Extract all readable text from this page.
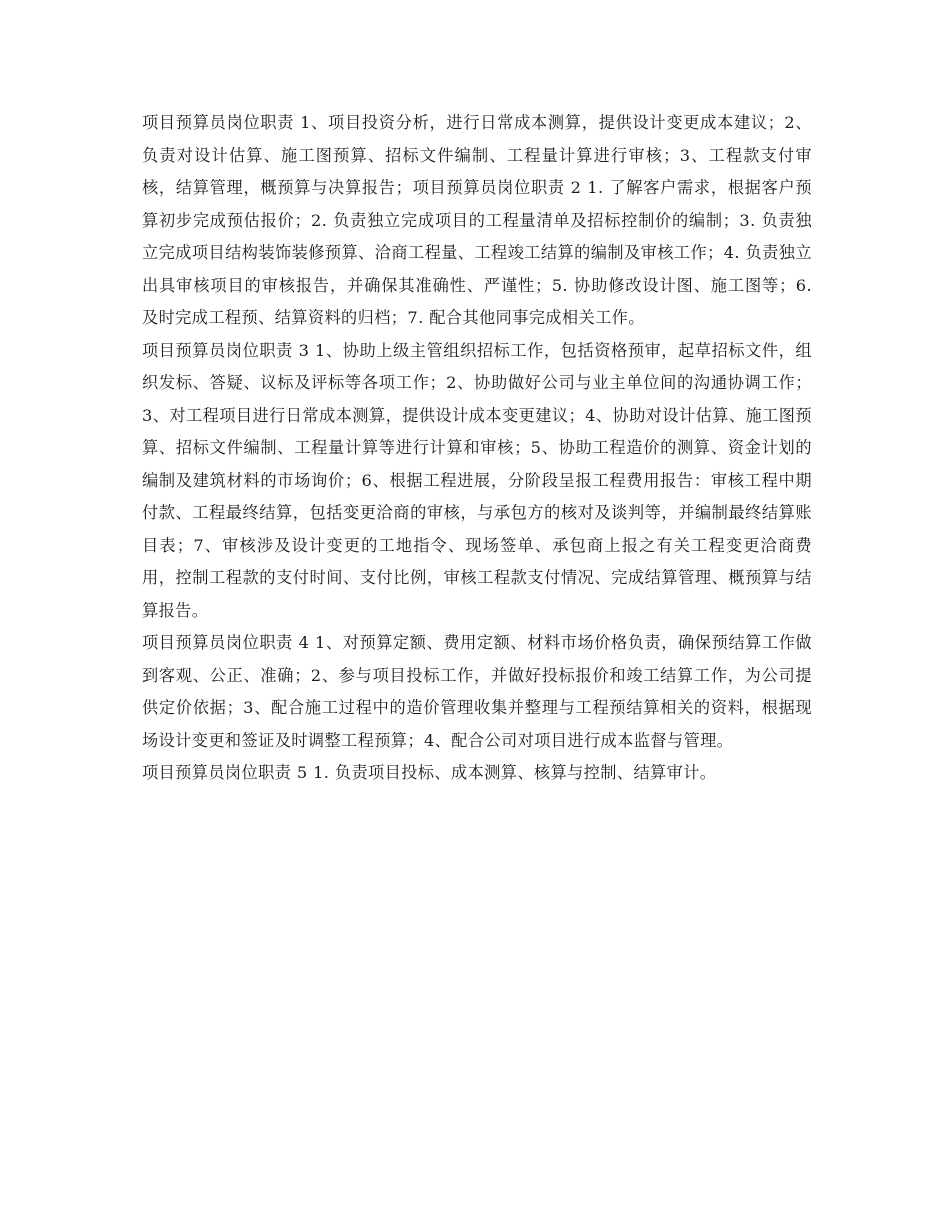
项目预算员岗位职责 1、项目投资分析，进行日常成本测算，提供设计变更成本建议；2、负责对设计估算、施工图预算、招标文件编制、工程量计算进行审核；3、工程款支付审核，结算管理，概预算与决算报告；项目预算员岗位职责 2 1. 了解客户需求，根据客户预算初步完成预估报价；2. 负责独立完成项目的工程量清单及招标控制价的编制；3. 负责独立完成项目结构装饰装修预算、洽商工程量、工程竣工结算的编制及审核工作；4. 负责独立出具审核项目的审核报告，并确保其准确性、严谨性；5. 协助修改设计图、施工图等；6. 及时完成工程预、结算资料的归档；7. 配合其他同事完成相关工作。

项目预算员岗位职责 3 1、协助上级主管组织招标工作，包括资格预审，起草招标文件，组织发标、答疑、议标及评标等各项工作；2、协助做好公司与业主单位间的沟通协调工作；3、对工程项目进行日常成本测算，提供设计成本变更建议；4、协助对设计估算、施工图预算、招标文件编制、工程量计算等进行计算和审核；5、协助工程造价的测算、资金计划的编制及建筑材料的市场询价；6、根据工程进展，分阶段呈报工程费用报告：审核工程中期付款、工程最终结算，包括变更洽商的审核，与承包方的核对及谈判等，并编制最终结算账目表；7、审核涉及设计变更的工地指令、现场签单、承包商上报之有关工程变更洽商费用，控制工程款的支付时间、支付比例，审核工程款支付情况、完成结算管理、概预算与结算报告。

项目预算员岗位职责 4 1、对预算定额、费用定额、材料市场价格负责，确保预结算工作做到客观、公正、准确；2、参与项目投标工作，并做好投标报价和竣工结算工作，为公司提供定价依据；3、配合施工过程中的造价管理收集并整理与工程预结算相关的资料，根据现场设计变更和签证及时调整工程预算；4、配合公司对项目进行成本监督与管理。

项目预算员岗位职责 5 1. 负责项目投标、成本测算、核算与控制、结算审计。
